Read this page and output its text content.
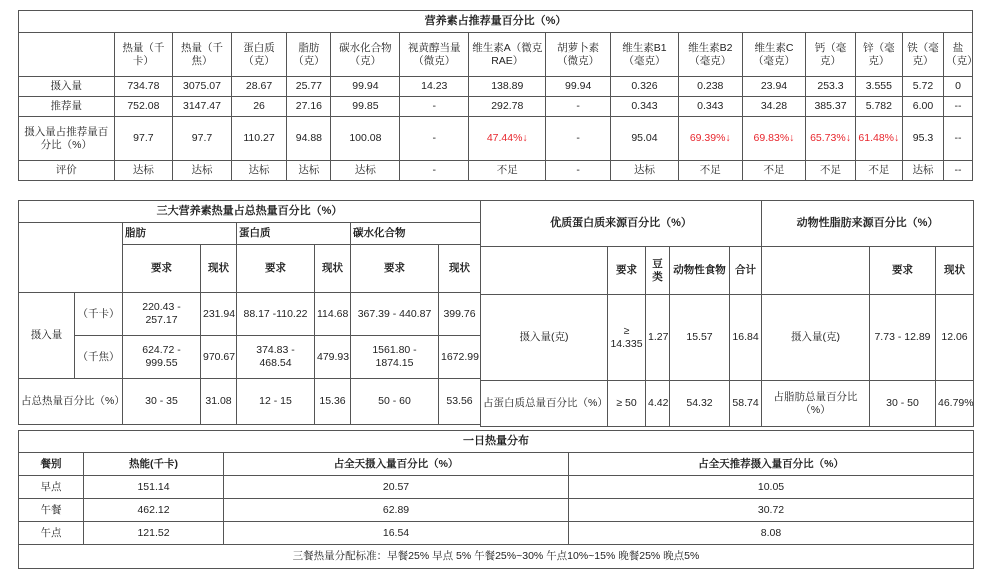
营养素占推荐量百分比（%）															
	热量（千卡）	热量（千焦）	蛋白质（克）	脂肪（克）	碳水化合物（克）	视黄醇当量（微克）	维生素A（微克RAE）	胡萝卜素（微克）	维生素B1（毫克）	维生素B2（毫克）	维生素C（毫克）	钙（毫克）	锌（毫克）	铁（毫克）	盐（克）
摄入量	734.78	3075.07	28.67	25.77	99.94	14.23	138.89	99.94	0.326	0.238	23.94	253.3	3.555	5.72	0
推荐量	752.08	3147.47	26	27.16	99.85	-	292.78	-	0.343	0.343	34.28	385.37	5.782	6.00	--
摄入量占推荐量百分比（%）	97.7	97.7	110.27	94.88	100.08	-	47.44%↓	-	95.04	69.39%↓	69.83%↓	65.73%↓	61.48%↓	95.3	--
评价	达标	达标	达标	达标	达标	-	不足	-	达标	不足	不足	不足	不足	达标	--
三大营养素热量占总热量百分比（%）							
		脂肪		蛋白质		碳水化合物	
		要求	现状	要求	现状	要求	现状
摄入量	（千卡）	220.43 - 257.17	231.94	88.17 -110.22	114.68	367.39 - 440.87	399.76
	（千焦）	624.72 - 999.55	970.67	374.83 - 468.54	479.93	1561.80 - 1874.15	1672.99
占总热量百分比（%）		30 - 35	31.08	12 - 15	15.36	50 - 60	53.56
优质蛋白质来源百分比（%）				
	要求	豆类	动物性食物	合计
摄入量(克)	≥ 14.335	1.27	15.57	16.84
占蛋白质总量百分比（%）	≥ 50	4.42	54.32	58.74
动物性脂肪来源百分比（%）		
	要求	现状
摄入量(克)	7.73 - 12.89	12.06
占脂肪总量百分比（%）	30 - 50	46.79%
一日热量分布			
餐别	热能(千卡)	占全天摄入量百分比（%）	占全天推荐摄入量百分比（%）
早点	151.14	20.57	10.05
午餐	462.12	62.89	30.72
午点	121.52	16.54	8.08
三餐热量分配标准：早餐25% 早点 5% 午餐25%~30% 午点10%~15% 晚餐25% 晚点5%			
